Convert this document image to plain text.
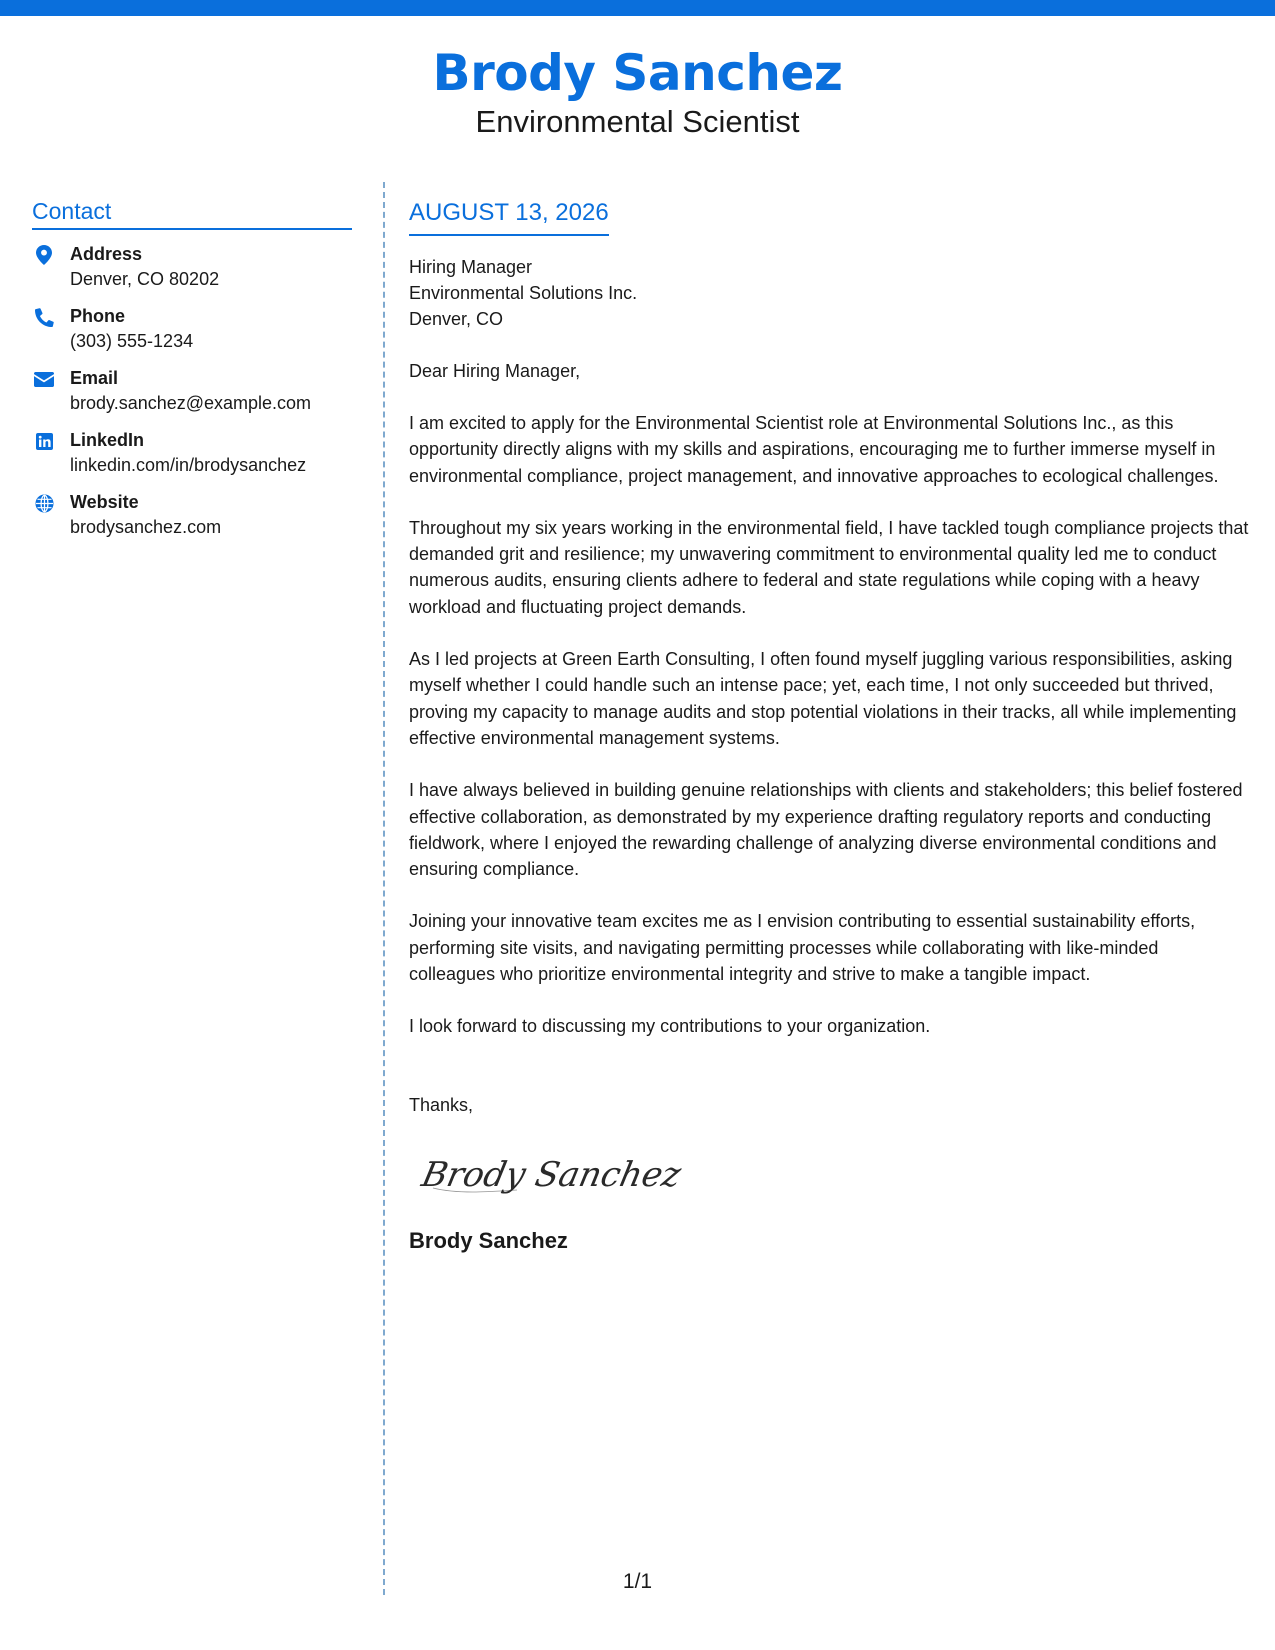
Brody Sanchez
Environmental Scientist
Contact
Address
Denver, CO 80202
Phone
(303) 555-1234
Email
brody.sanchez@example.com
LinkedIn
linkedin.com/in/brodysanchez
Website
brodysanchez.com
AUGUST 13, 2026
Hiring Manager
Environmental Solutions Inc.
Denver, CO
Dear Hiring Manager,
I am excited to apply for the Environmental Scientist role at Environmental Solutions Inc., as this opportunity directly aligns with my skills and aspirations, encouraging me to further immerse myself in environmental compliance, project management, and innovative approaches to ecological challenges.
Throughout my six years working in the environmental field, I have tackled tough compliance projects that demanded grit and resilience; my unwavering commitment to environmental quality led me to conduct numerous audits, ensuring clients adhere to federal and state regulations while coping with a heavy workload and fluctuating project demands.
As I led projects at Green Earth Consulting, I often found myself juggling various responsibilities, asking myself whether I could handle such an intense pace; yet, each time, I not only succeeded but thrived, proving my capacity to manage audits and stop potential violations in their tracks, all while implementing effective environmental management systems.
I have always believed in building genuine relationships with clients and stakeholders; this belief fostered effective collaboration, as demonstrated by my experience drafting regulatory reports and conducting fieldwork, where I enjoyed the rewarding challenge of analyzing diverse environmental conditions and ensuring compliance.
Joining your innovative team excites me as I envision contributing to essential sustainability efforts, performing site visits, and navigating permitting processes while collaborating with like-minded colleagues who prioritize environmental integrity and strive to make a tangible impact.
I look forward to discussing my contributions to your organization.
Thanks,
Brody Sanchez
Brody Sanchez
1/1
